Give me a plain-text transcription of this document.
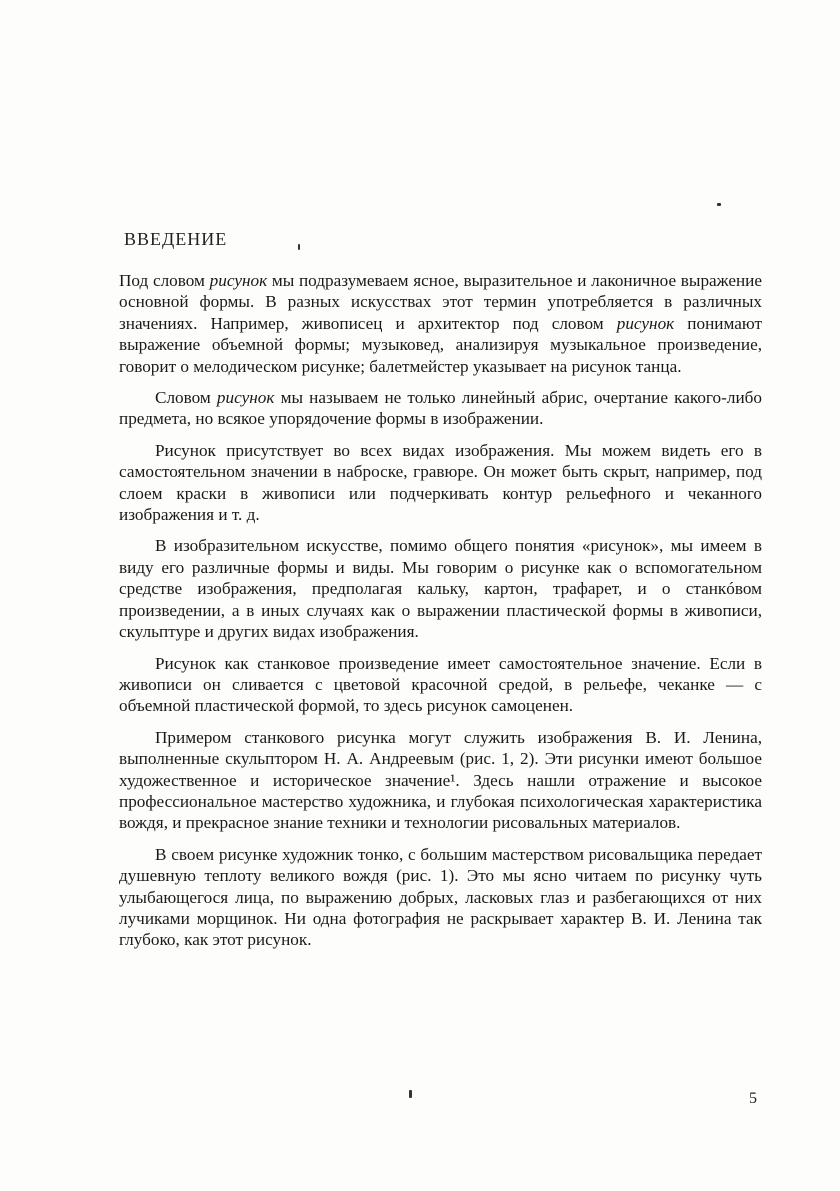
ВВЕДЕНИЕ

Под словом рисунок мы подразумеваем ясное, выразительное и лаконичное выражение основной формы. В разных искусствах этот термин употребляется в различных значениях. Например, живописец и архитектор под словом рисунок понимают выражение объемной формы; музыковед, анализируя музыкальное произведение, говорит о мелодическом рисунке; балетмейстер указывает на рисунок танца.

Словом рисунок мы называем не только линейный абрис, очертание какого-либо предмета, но всякое упорядочение формы в изображении.

Рисунок присутствует во всех видах изображения. Мы можем видеть его в самостоятельном значении в наброске, гравюре. Он может быть скрыт, например, под слоем краски в живописи или подчеркивать контур рельефного и чеканного изображения и т. д.

В изобразительном искусстве, помимо общего понятия «рисунок», мы имеем в виду его различные формы и виды. Мы говорим о рисунке как о вспомогательном средстве изображения, предполагая кальку, картон, трафарет, и о станкóвом произведении, а в иных случаях как о выражении пластической формы в живописи, скульптуре и других видах изображения.

Рисунок как станковое произведение имеет самостоятельное значение. Если в живописи он сливается с цветовой красочной средой, в рельефе, чеканке — с объемной пластической формой, то здесь рисунок самоценен.

Примером станкового рисунка могут служить изображения В. И. Ленина, выполненные скульптором Н. А. Андреевым (рис. 1, 2). Эти рисунки имеют большое художественное и историческое значение¹. Здесь нашли отражение и высокое профессиональное мастерство художника, и глубокая психологическая характеристика вождя, и прекрасное знание техники и технологии рисовальных материалов.

В своем рисунке художник тонко, с большим мастерством рисовальщика передает душевную теплоту великого вождя (рис. 1). Это мы ясно читаем по рисунку чуть улыбающегося лица, по выражению добрых, ласковых глаз и разбегающихся от них лучиками морщинок. Ни одна фотография не раскрывает характер В. И. Ленина так глубоко, как этот рисунок.

5
